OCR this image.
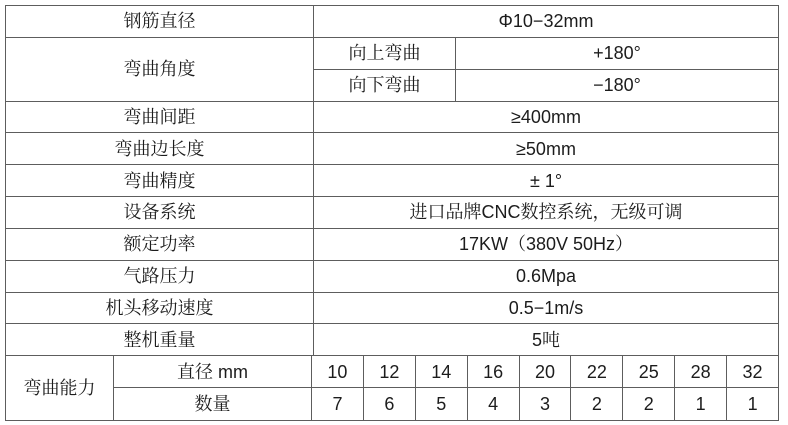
钢筋直径	Φ10−32mm
弯曲角度
向上弯曲	+180°
向下弯曲	−180°
弯曲间距	≥400mm
弯曲边长度	≥50mm
弯曲精度	± 1°
设备系统	进口品牌CNC数控系统，无级可调
额定功率	17KW（380V 50Hz）
气路压力	0.6Mpa
机头移动速度	0.5−1m/s
整机重量	5吨
弯曲能力
直径 mm	10	12	14	16	20	22	25	28	32
数量	7	6	5	4	3	2	2	1	1
